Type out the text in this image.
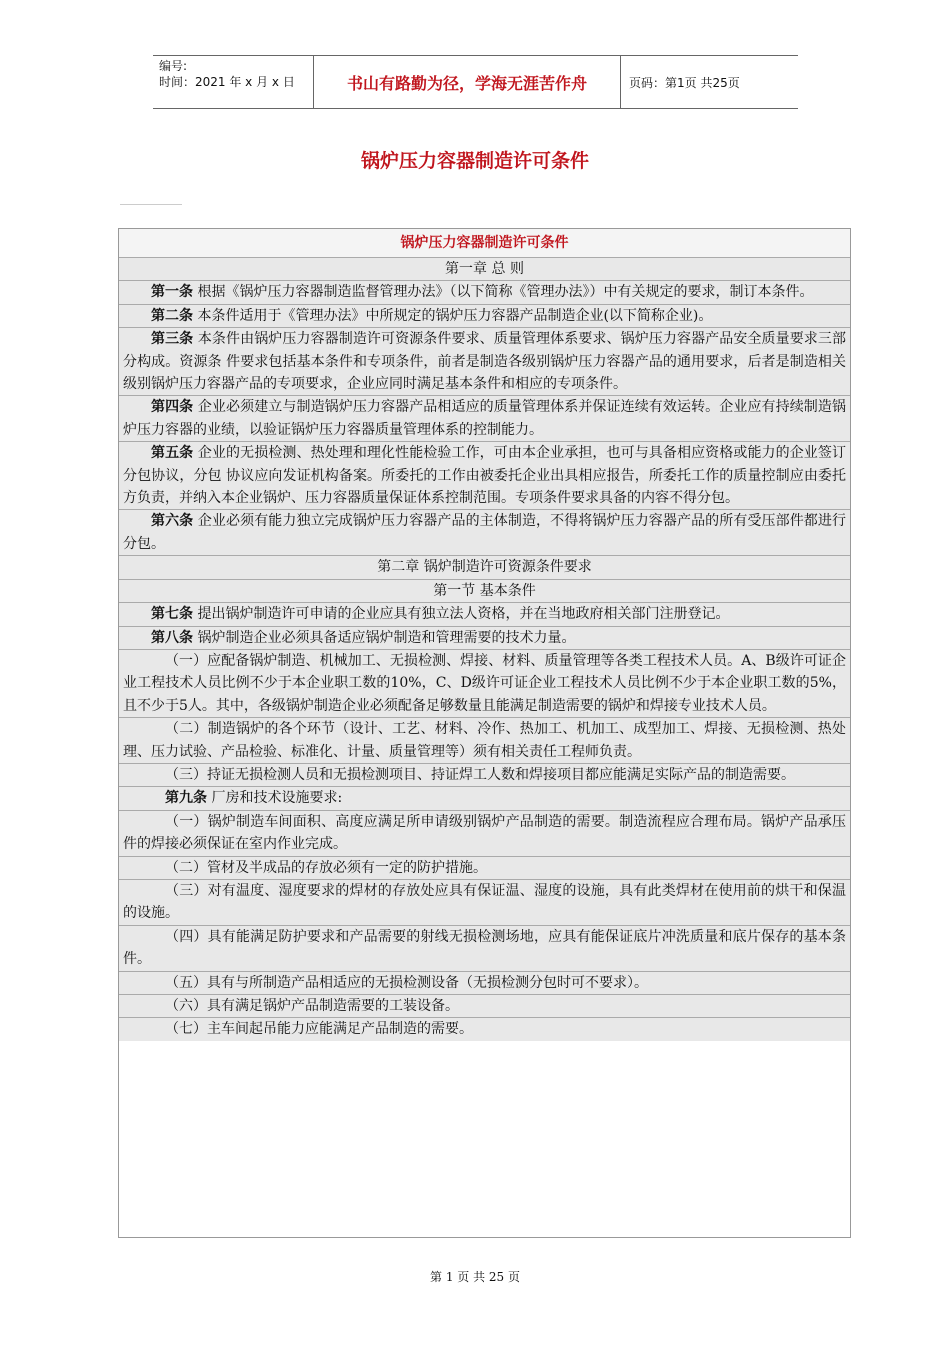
编号:
时间：2021 年 x 月 x 日	书山有路勤为径，学海无涯苦作舟	页码：第1页 共25页
锅炉压力容器制造许可条件
锅炉压力容器制造许可条件
第一章 总 则
第一条 根据《锅炉压力容器制造监督管理办法》（以下简称《管理办法》）中有关规定的要求，制订本条件。
第二条 本条件适用于《管理办法》中所规定的锅炉压力容器产品制造企业(以下简称企业)。
第三条 本条件由锅炉压力容器制造许可资源条件要求、质量管理体系要求、锅炉压力容器产品安全质量要求三部分构成。资源条 件要求包括基本条件和专项条件，前者是制造各级别锅炉压力容器产品的通用要求，后者是制造相关级别锅炉压力容器产品的专项要求，企业应同时满足基本条件和相应的专项条件。
第四条 企业必须建立与制造锅炉压力容器产品相适应的质量管理体系并保证连续有效运转。企业应有持续制造锅炉压力容器的业绩，以验证锅炉压力容器质量管理体系的控制能力。
第五条 企业的无损检测、热处理和理化性能检验工作，可由本企业承担，也可与具备相应资格或能力的企业签订分包协议，分包 协议应向发证机构备案。所委托的工作由被委托企业出具相应报告，所委托工作的质量控制应由委托方负责，并纳入本企业锅炉、压力容器质量保证体系控制范围。专项条件要求具备的内容不得分包。
第六条 企业必须有能力独立完成锅炉压力容器产品的主体制造，不得将锅炉压力容器产品的所有受压部件都进行分包。
第二章 锅炉制造许可资源条件要求
第一节 基本条件
第七条 提出锅炉制造许可申请的企业应具有独立法人资格，并在当地政府相关部门注册登记。
第八条 锅炉制造企业必须具备适应锅炉制造和管理需要的技术力量。
（一）应配备锅炉制造、机械加工、无损检测、焊接、材料、质量管理等各类工程技术人员。A、B级许可证企业工程技术人员比例不少于本企业职工数的10%，C、D级许可证企业工程技术人员比例不少于本企业职工数的5%，且不少于5人。其中，各级锅炉制造企业必须配备足够数量且能满足制造需要的锅炉和焊接专业技术人员。
（二）制造锅炉的各个环节（设计、工艺、材料、冷作、热加工、机加工、成型加工、焊接、无损检测、热处理、压力试验、产品检验、标准化、计量、质量管理等）须有相关责任工程师负责。
（三）持证无损检测人员和无损检测项目、持证焊工人数和焊接项目都应能满足实际产品的制造需要。
第九条 厂房和技术设施要求:
（一）锅炉制造车间面积、高度应满足所申请级别锅炉产品制造的需要。制造流程应合理布局。锅炉产品承压件的焊接必须保证在室内作业完成。
（二）管材及半成品的存放必须有一定的防护措施。
（三）对有温度、湿度要求的焊材的存放处应具有保证温、湿度的设施，具有此类焊材在使用前的烘干和保温的设施。
（四）具有能满足防护要求和产品需要的射线无损检测场地，应具有能保证底片冲洗质量和底片保存的基本条件。
（五）具有与所制造产品相适应的无损检测设备（无损检测分包时可不要求）。
（六）具有满足锅炉产品制造需要的工装设备。
（七）主车间起吊能力应能满足产品制造的需要。
第 1 页 共 25 页
